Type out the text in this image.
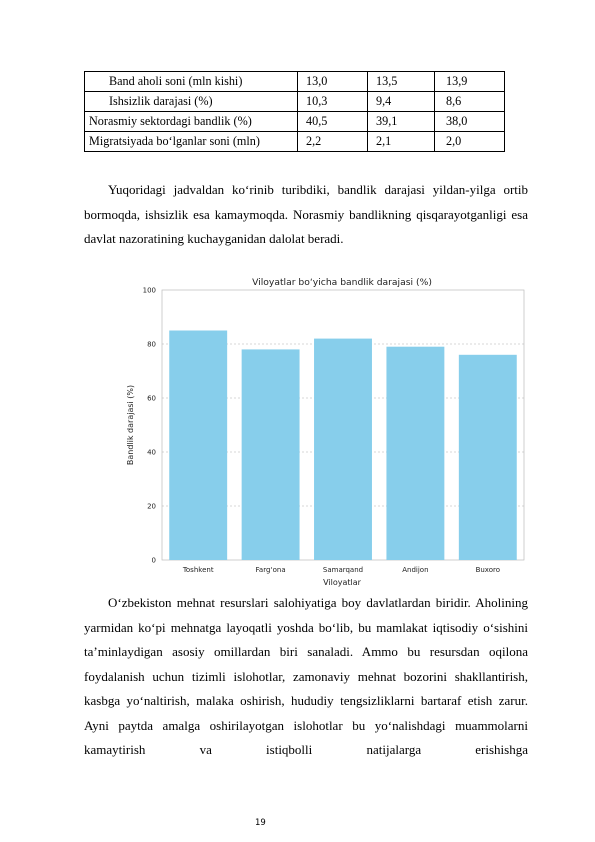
Band aholi soni (mln kishi)	13,0	13,5	13,9
Ishsizlik darajasi (%)	10,3	9,4	8,6
Norasmiy sektordagi bandlik (%)	40,5	39,1	38,0
Migratsiyada bo‘lganlar soni (mln)	2,2	2,1	2,0

Yuqoridagi jadvaldan ko‘rinib turibdiki, bandlik darajasi yildan-yilga ortib bormoqda, ishsizlik esa kamaymoqda. Norasmiy bandlikning qisqarayotganligi esa davlat nazoratining kuchayganidan dalolat beradi.

Viloyatlar bo‘yicha bandlik darajasi (%)
0
20
40
60
80
100
Toshkent	Farg‘ona	Samarqand	Andijon	Buxoro
Viloyatlar
Bandlik darajasi (%)

O‘zbekiston mehnat resurslari salohiyatiga boy davlatlardan biridir. Aholining yarmidan ko‘pi mehnatga layoqatli yoshda bo‘lib, bu mamlakat iqtisodiy o‘sishini ta’minlaydigan asosiy omillardan biri sanaladi. Ammo bu resursdan oqilona foydalanish uchun tizimli islohotlar, zamonaviy mehnat bozorini shakllantirish, kasbga yo‘naltirish, malaka oshirish, hududiy tengsizliklarni bartaraf etish zarur. Ayni paytda amalga oshirilayotgan islohotlar bu yo‘nalishdagi muammolarni kamaytirish va istiqbolli natijalarga erishishga

19
